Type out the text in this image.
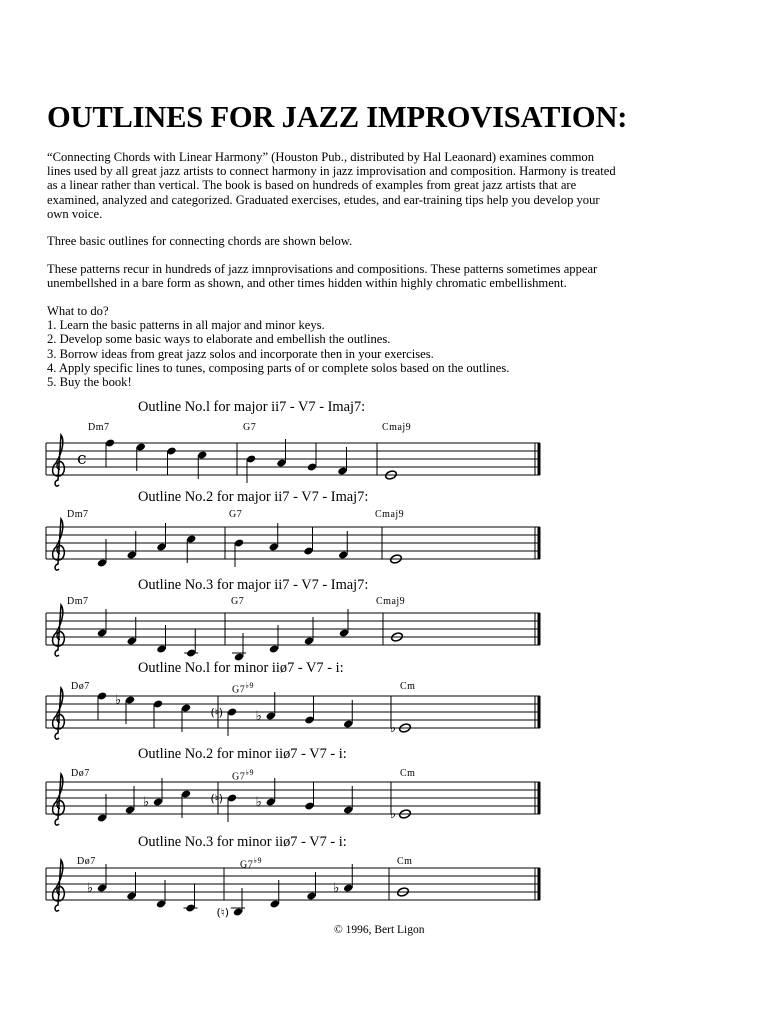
OUTLINES FOR JAZZ IMPROVISATION:

“Connecting Chords with Linear Harmony” (Houston Pub., distributed by Hal Leaonard) examines common
lines used by all great jazz artists to connect harmony in jazz improvisation and composition. Harmony is treated
as a linear rather than vertical. The book is based on hundreds of examples from great jazz artists that are
examined, analyzed and categorized. Graduated exercises, etudes, and ear-training tips help you develop your
own voice.

Three basic outlines for connecting chords are shown below.

These patterns recur in hundreds of jazz imnprovisations and compositions. These patterns sometimes appear
unembellshed in a bare form as shown, and other times hidden within highly chromatic embellishment.

What to do?
1. Learn the basic patterns in all major and minor keys.
2. Develop some basic ways to elaborate and embellish the outlines.
3. Borrow ideas from great jazz solos and incorporate then in your exercises.
4. Apply specific lines to tunes, composing parts of or complete solos based on the outlines.
5. Buy the book!
Outline No.l for major ii7 - V7 - Imaj7:
Dm7	G7	Cmaj9
c
Outline No.2 for major ii7 - V7 - Imaj7:
Dm7	G7	Cmaj9
Outline No.3 for major ii7 - V7 - Imaj7:
Dm7	G7	Cmaj9
Outline No.l for minor iiø7 - V7 - i:
Dø7	$G7^{♭9}$	Cm
♭
(♮)	♭
♭
Outline No.2 for minor iiø7 - V7 - i:
Dø7	$G7^{♭9}$	Cm
♭	(♮)	♭
♭
Outline No.3 for minor iiø7 - V7 - i:
Dø7	$G7^{♭9}$	Cm
♭
(♮)
♭
© 1996, Bert Ligon
